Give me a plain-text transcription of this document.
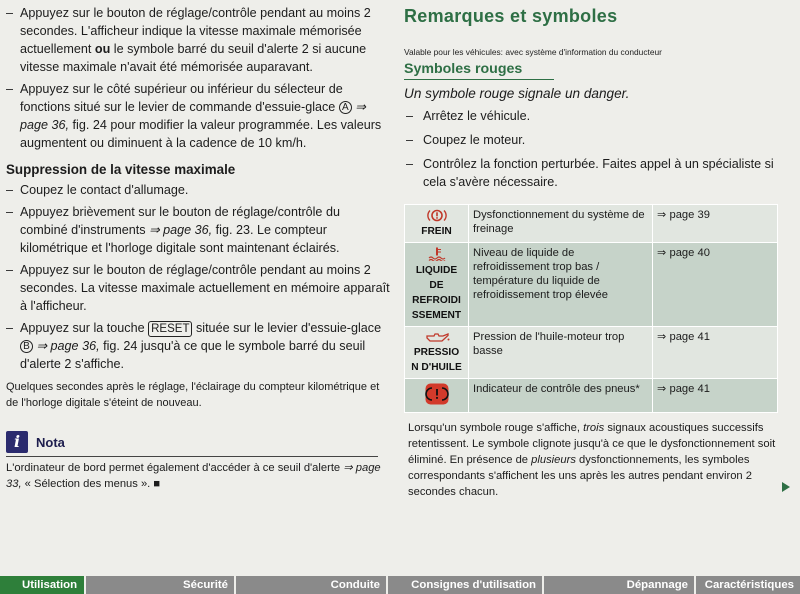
– Appuyez sur le bouton de réglage/contrôle pendant au moins 2 secondes. L'afficheur indique la vitesse maximale mémorisée actuellement ou le symbole barré du seuil d'alerte 2 si aucune vitesse maximale n'avait été mémorisée auparavant.
– Appuyez sur le côté supérieur ou inférieur du sélecteur de fonctions situé sur le levier de commande d'essuie-glace A ⇒ page 36, fig. 24 pour modifier la valeur programmée. Les valeurs augmentent ou diminuent à la cadence de 10 km/h.
Suppression de la vitesse maximale
– Coupez le contact d'allumage.
– Appuyez brièvement sur le bouton de réglage/contrôle du combiné d'instruments ⇒ page 36, fig. 23. Le compteur kilométrique et l'horloge digitale sont maintenant éclairés.
– Appuyez sur le bouton de réglage/contrôle pendant au moins 2 secondes. La vitesse maximale actuellement en mémoire apparaît à l'afficheur.
– Appuyez sur la touche RESET située sur le levier d'essuie-glace B ⇒ page 36, fig. 24 jusqu'à ce que le symbole barré du seuil d'alerte 2 s'affiche.
Quelques secondes après le réglage, l'éclairage du compteur kilométrique et de l'horloge digitale s'éteint de nouveau.
i	Nota
L'ordinateur de bord permet également d'accéder à ce seuil d'alerte ⇒ page 33, « Sélection des menus ». ■
Remarques et symboles
Valable pour les véhicules: avec système d'information du conducteur
Symboles rouges
Un symbole rouge signale un danger.
– Arrêtez le véhicule.
– Coupez le moteur.
– Contrôlez la fonction perturbée. Faites appel à un spécialiste si cela s'avère nécessaire.
FREIN	Dysfonctionnement du système de freinage	⇒ page 39

LIQUIDE
DE
REFROIDI
SSEMENT	Niveau de liquide de refroidissement trop bas / température du liquide de refroidissement trop élevée	⇒ page 40

PRESSIO
N D'HUILE	Pression de l'huile-moteur trop basse	⇒ page 41

	Indicateur de contrôle des pneus*	⇒ page 41
Lorsqu'un symbole rouge s'affiche, trois signaux acoustiques successifs retentissent. Le symbole clignote jusqu'à ce que le dysfonctionnement soit éliminé. En présence de plusieurs dysfonctionnements, les symboles correspondants s'affichent les uns après les autres pendant environ 2 secondes chacun.
Utilisation	Sécurité	Conduite	Consignes d'utilisation	Dépannage	Caractéristiques
